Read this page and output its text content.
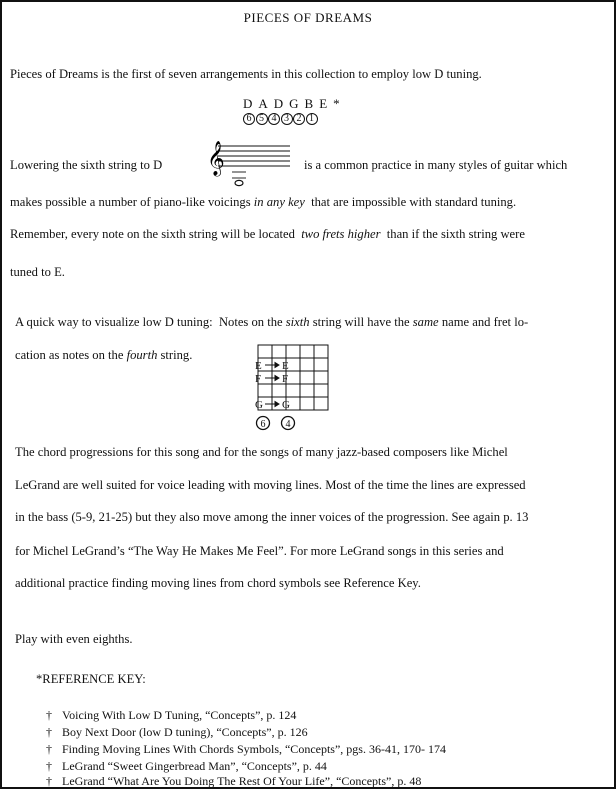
PIECES OF DREAMS
Pieces of Dreams is the first of seven arrangements in this collection to employ low D tuning.
DADGBE*
6 5 4 3 2 1
𝄞
Lowering the sixth string to D	is a common practice in many styles of guitar which
makes possible a number of piano-like voicings in any key that are impossible with standard tuning.
Remember, every note on the sixth string will be located two frets higher than if the sixth string were
tuned to E.
A quick way to visualize low D tuning: Notes on the sixth string will have the same name and fret lo-
cation as notes on the fourth string.
E E
F F
G G
6 4
The chord progressions for this song and for the songs of many jazz-based composers like Michel
LeGrand are well suited for voice leading with moving lines. Most of the time the lines are expressed
in the bass (5-9, 21-25) but they also move among the inner voices of the progression. See again p. 13
for Michel LeGrand’s “The Way He Makes Me Feel”. For more LeGrand songs in this series and
additional practice finding moving lines from chord symbols see Reference Key.
Play with even eighths.
*REFERENCE KEY:
† Voicing With Low D Tuning, “Concepts”, p. 124
† Boy Next Door (low D tuning), “Concepts”, p. 126
† Finding Moving Lines With Chords Symbols, “Concepts”, pgs. 36-41, 170- 174
† LeGrand “Sweet Gingerbread Man”, “Concepts”, p. 44
† LeGrand “What Are You Doing The Rest Of Your Life”, “Concepts”, p. 48
